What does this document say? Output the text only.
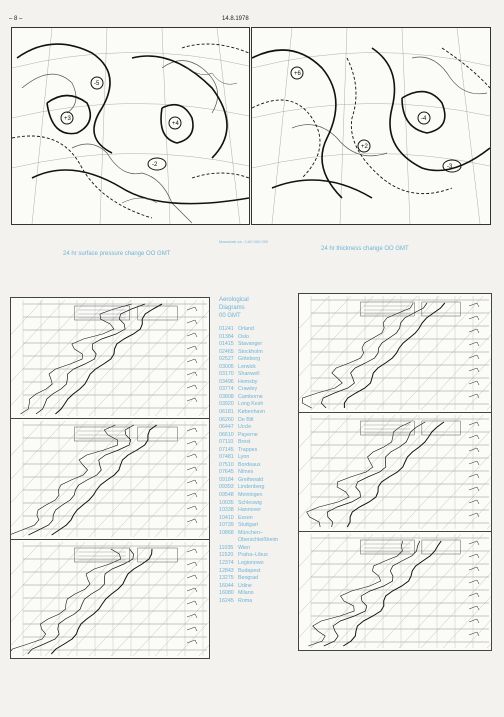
– 8 –	14.8.1978
-5
+4
+3
-2
+6
-4
+2
-3
Massstab ca.: 1:60 000 000
24 hr surface pressure change OO GMT
24 hr thickness change OO GMT
Aerological
Diagrams
00 GMT
01241 Orland
01384 Oslo
01415 Stavanger
02465 Stockholm
02527 Göteborg
03005 Lerwick
03170 Shanwell
03496 Hemsby
03774 Crawley
03808 Camborne
03920 Long Kesh
06181 København
06260 De Bilt
06447 Uccle
06610 Payerne
07110 Brest
07145 Trappes
07481 Lyon
07510 Bordeaux
07645 Nîmes
09184 Greifswald
09393 Lindenberg
09548 Meiningen
10035 Schleswig
10338 Hannover
10410 Essen
10739 Stuttgart
10868 München–
Oberschleißheim
11035 Wien
11520 Praha–Libus
12374 Legionowo
12843 Budapest
13275 Beograd
16044 Udine
16080 Milano
16245 Roma
